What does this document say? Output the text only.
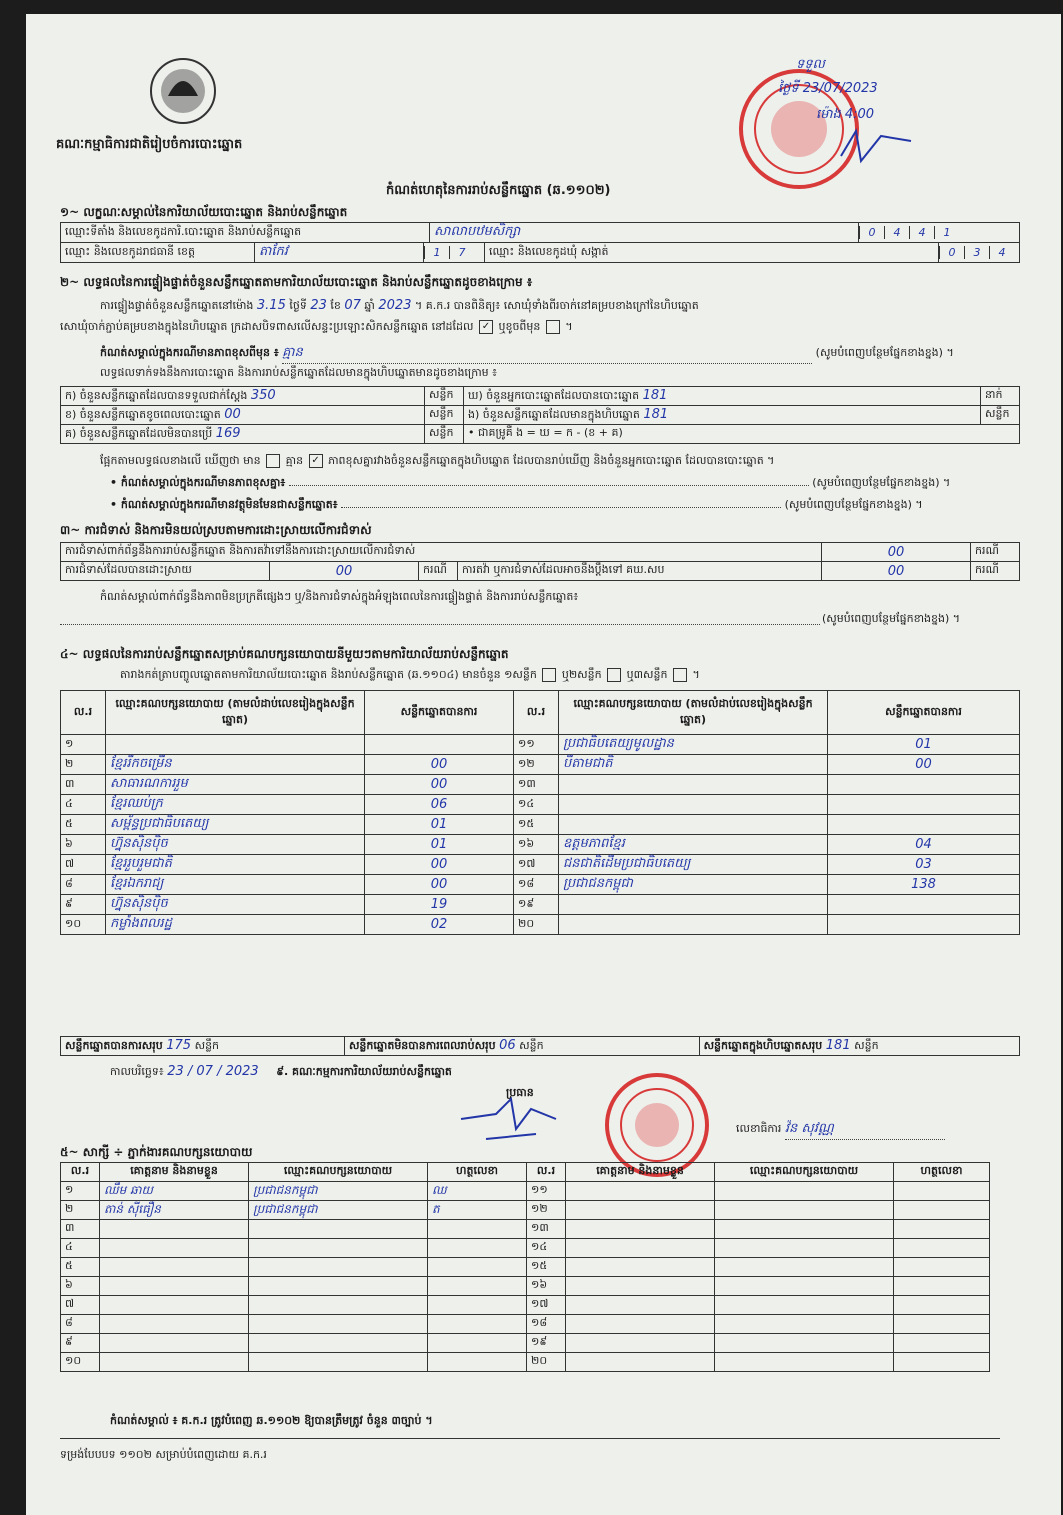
គណៈកម្មាធិការជាតិរៀបចំការបោះឆ្នោត
ទទួល
ថ្ងៃទី 23/07/2023
ម៉ោង 4:00
កំណត់ហេតុនៃការរាប់សន្លឹកឆ្នោត (ឆ.១១០២)
១~ លក្ខណៈសម្គាល់នៃការិយាល័យបោះឆ្នោត និងរាប់សន្លឹកឆ្នោត
ឈ្មោះទីតាំង និងលេខកូដការិ.បោះឆ្នោត និងរាប់សន្លឹកឆ្នោត	សាលាបឋមសិក្សា	0 4 4 1
ឈ្មោះ និងលេខកូដរាជធានី ខេត្ត	តាកែវ	1 7	ឈ្មោះ និងលេខកូដឃុំ សង្កាត់	0 3 4
២~ លទ្ធផលនៃការផ្ទៀងផ្ទាត់ចំនួនសន្លឹកឆ្នោតតាមការិយាល័យបោះឆ្នោត និងរាប់សន្លឹកឆ្នោតដូចខាងក្រោម ៖
ការផ្ទៀងផ្ទាត់ចំនួនសន្លឹកឆ្នោតនៅម៉ោង 3.15 ថ្ងៃទី 23 ខែ 07 ឆ្នាំ 2023 ។ គ.ក.រ បានពិនិត្យ៖ សោឃុំទាំងពីរចាក់នៅគម្របខាងក្រៅនៃហិបឆ្នោត
សោឃុំចាក់ភ្ជាប់គម្របខាងក្នុងនៃហិបឆ្នោត ក្រដាសបិទពាសលើសន្ទះប្រឡោះសិកសន្លឹកឆ្នោត នៅដដែល ✓ ឬខូចពីមុន  ។
កំណត់សម្គាល់ក្នុងករណីមានភាពខុសពីមុន ៖ គ្មាន	(សូមបំពេញបន្ថែមផ្នែកខាងខ្នង) ។
លទ្ធផលទាក់ទងនឹងការបោះឆ្នោត និងការរាប់សន្លឹកឆ្នោតដែលមានក្នុងហិបឆ្នោតមានដូចខាងក្រោម ៖
ក) ចំនួនសន្លឹកឆ្នោតដែលបានទទួលជាក់ស្តែង 350	សន្លឹក	ឃ) ចំនួនអ្នកបោះឆ្នោតដែលបានបោះឆ្នោត 181	នាក់
ខ) ចំនួនសន្លឹកឆ្នោតខូចពេលបោះឆ្នោត 00	សន្លឹក	ង) ចំនួនសន្លឹកឆ្នោតដែលមានក្នុងហិបឆ្នោត 181	សន្លឹក
គ) ចំនួនសន្លឹកឆ្នោតដែលមិនបានប្រើ 169	សន្លឹក	• ជាគម្រូគឺ ង = ឃ = ក - (ខ + គ)	
ផ្អែកតាមលទ្ធផលខាងលើ ឃើញថា មាន គ្មាន ✓ ភាពខុសគ្នារវាងចំនួនសន្លឹកឆ្នោតក្នុងហិបឆ្នោត ដែលបានរាប់ឃើញ និងចំនួនអ្នកបោះឆ្នោត ដែលបានបោះឆ្នោត ។
• កំណត់សម្គាល់ក្នុងករណីមានភាពខុសគ្នា៖	(សូមបំពេញបន្ថែមផ្នែកខាងខ្នង) ។
• កំណត់សម្គាល់ក្នុងករណីមានវត្ថុមិនមែនជាសន្លឹកឆ្នោត៖	(សូមបំពេញបន្ថែមផ្នែកខាងខ្នង) ។
៣~ ការជំទាស់ និងការមិនយល់ស្របតាមការដោះស្រាយលើការជំទាស់
ការជំទាស់ពាក់ព័ន្ធនឹងការរាប់សន្លឹកឆ្នោត និងការតវ៉ាទៅនឹងការដោះស្រាយលើការជំទាស់				00	ករណី
ការជំទាស់ដែលបានដោះស្រាយ	00	ករណី	ការតវ៉ា ឬការជំទាស់ដែលអាចនឹងប្តឹងទៅ គឃ.សប	00	ករណី
កំណត់សម្គាល់ពាក់ព័ន្ធនឹងភាពមិនប្រក្រតីផ្សេងៗ ឬ/និងការជំទាស់ក្នុងអំឡុងពេលនៃការផ្ទៀងផ្ទាត់ និងការរាប់សន្លឹកឆ្នោត៖
(សូមបំពេញបន្ថែមផ្នែកខាងខ្នង) ។
៤~ លទ្ធផលនៃការរាប់សន្លឹកឆ្នោតសម្រាប់គណបក្សនយោបាយនីមួយៗតាមការិយាល័យរាប់សន្លឹកឆ្នោត
តារាងកត់ត្រាបញ្ចូលឆ្នោតតាមការិយាល័យបោះឆ្នោត និងរាប់សន្លឹកឆ្នោត (ឆ.១១០៤) មានចំនួន ១សន្លឹក ឬ២សន្លឹក ឬ៣សន្លឹក  ។
ល.រ	ឈ្មោះគណបក្សនយោបាយ (តាមលំដាប់លេខរៀងក្នុងសន្លឹកឆ្នោត)	សន្លឹកឆ្នោតបានការ	ល.រ	ឈ្មោះគណបក្សនយោបាយ (តាមលំដាប់លេខរៀងក្នុងសន្លឹកឆ្នោត)	សន្លឹកឆ្នោតបានការ
១			១១	ប្រជាធិបតេយ្យមូលដ្ឋាន	01
២	ខ្មែររីកចម្រើន	00	១២	បីតាមជាតិ	00
៣	សាធារណការរួម	00	១៣		
៤	ខ្មែរឈប់ក្រ	06	១៤		
៥	សម្ព័ន្ធប្រជាធិបតេយ្យ	01	១៥		
៦	ហ្វ៊ុនស៊ិនប៉ិច	01	១៦	ឧត្តមភាពខ្មែរ	04
៧	ខ្មែររួបរួមជាតិ	00	១៧	ជនជាតិដើមប្រជាធិបតេយ្យ	03
៨	ខ្មែរឯករាជ្យ	00	១៨	ប្រជាជនកម្ពុជា	138
៩	ហ្វ៊ុនស៊ិនប៉ិច	19	១៩		
១០	កម្លាំងពលរដ្ឋ	02	២០		
សន្លឹកឆ្នោតបានការសរុប 175 សន្លឹក	សន្លឹកឆ្នោតមិនបានការពេលរាប់សរុប 06 សន្លឹក	សន្លឹកឆ្នោតក្នុងហិបឆ្នោតសរុប 181 សន្លឹក
កាលបរិច្ឆេទ៖ 23 / 07 / 2023 ៩. គណៈកម្មការការិយាល័យរាប់សន្លឹកឆ្នោត
ប្រធាន
លេខាធិការ វ៉ន សុវណ្ណ
៥~ សាក្សី ÷ ភ្នាក់ងារគណបក្សនយោបាយ
ល.រ	គោត្តនាម និងនាមខ្លួន	ឈ្មោះគណបក្សនយោបាយ	ហត្ថលេខា	ល.រ	គោត្តនាម និងនាមខ្លួន	ឈ្មោះគណបក្សនយោបាយ	ហត្ថលេខា
១	ឈឹម ឆាយ	ប្រជាជនកម្ពុជា	ឈ	១១			
២	តាន់ ស៊ីធឿន	ប្រជាជនកម្ពុជា	ត	១២			
៣				១៣			
៤				១៤			
៥				១៥			
៦				១៦			
៧				១៧			
៨				១៨			
៩				១៩			
១០				២០			
កំណត់សម្គាល់ ៖ គ.ក.រ ត្រូវបំពេញ ឆ.១១០២ ឱ្យបានត្រឹមត្រូវ ចំនួន ៣ច្បាប់ ។
ទម្រង់បែបបទ ១១០២ សម្រាប់បំពេញដោយ គ.ក.រ
